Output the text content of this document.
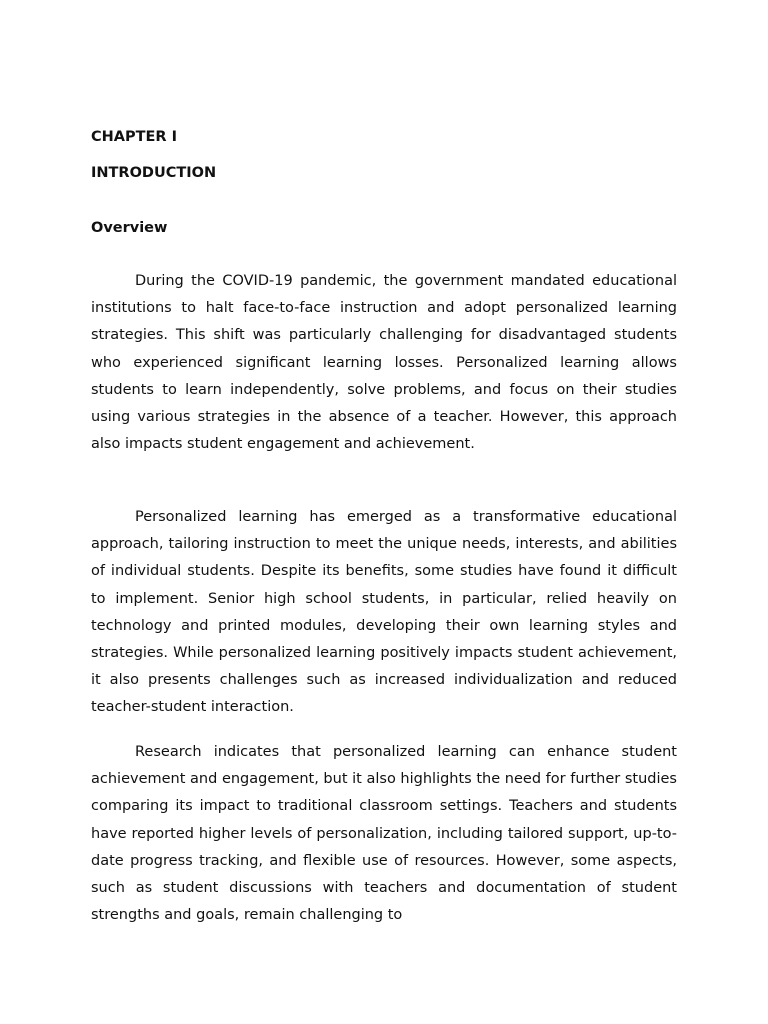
CHAPTER I
INTRODUCTION
Overview

During the COVID-19 pandemic, the government mandated educational institutions to halt face-to-face instruction and adopt personalized learning strategies. This shift was particularly challenging for disadvantaged students who experienced significant learning losses. Personalized learning allows students to learn independently, solve problems, and focus on their studies using various strategies in the absence of a teacher. However, this approach also impacts student engagement and achievement.

Personalized learning has emerged as a transformative educational approach, tailoring instruction to meet the unique needs, interests, and abilities of individual students. Despite its benefits, some studies have found it difficult to implement. Senior high school students, in particular, relied heavily on technology and printed modules, developing their own learning styles and strategies. While personalized learning positively impacts student achievement, it also presents challenges such as increased individualization and reduced teacher-student interaction.

Research indicates that personalized learning can enhance student achievement and engagement, but it also highlights the need for further studies comparing its impact to traditional classroom settings. Teachers and students have reported higher levels of personalization, including tailored support, up-to-date progress tracking, and flexible use of resources. However, some aspects, such as student discussions with teachers and documentation of student strengths and goals, remain challenging to
